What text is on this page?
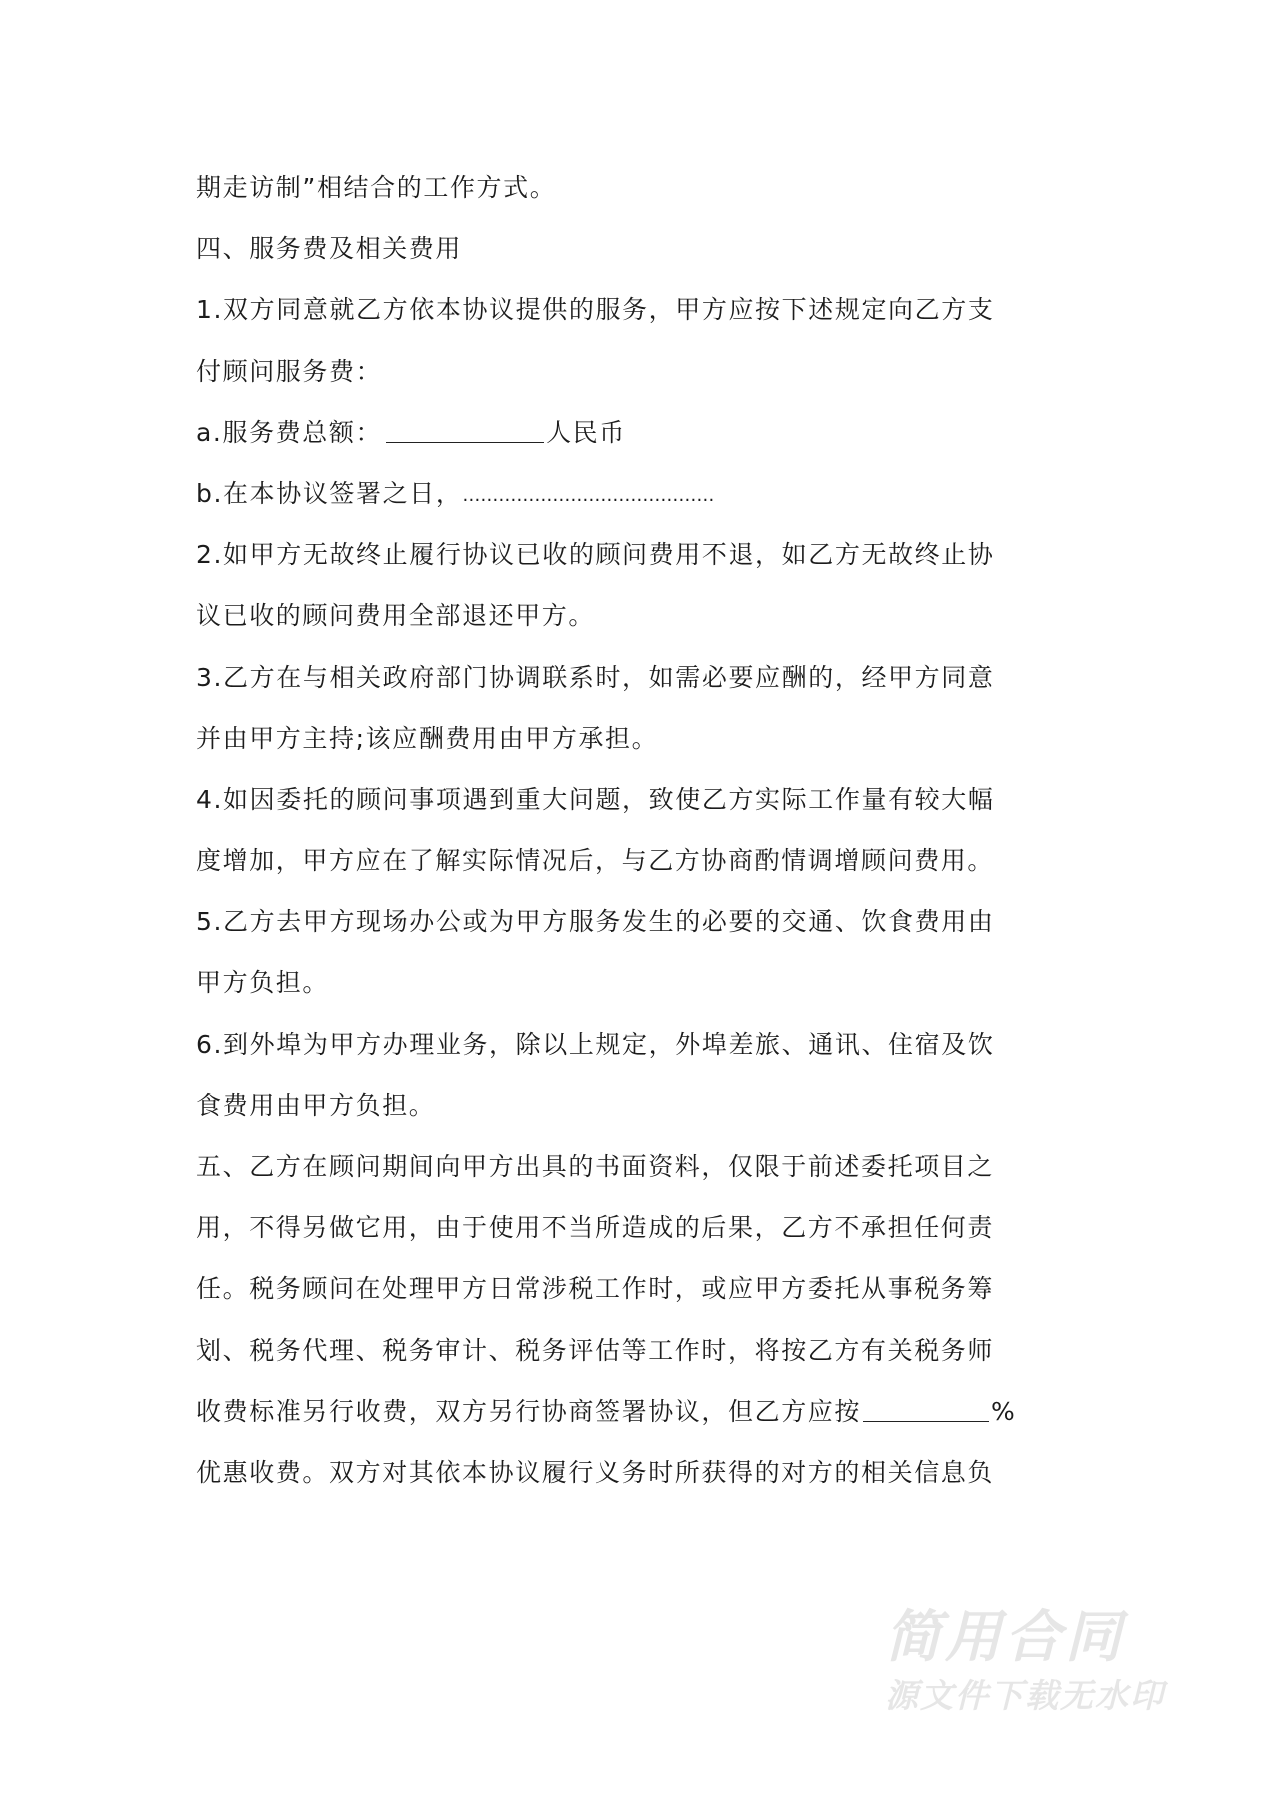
期走访制”相结合的工作方式。
四、服务费及相关费用
1.双方同意就乙方依本协议提供的服务，甲方应按下述规定向乙方支
付顾问服务费：
a.服务费总额：	人民币
b.在本协议签署之日，……………………………………
2.如甲方无故终止履行协议已收的顾问费用不退，如乙方无故终止协
议已收的顾问费用全部退还甲方。
3.乙方在与相关政府部门协调联系时，如需必要应酬的，经甲方同意
并由甲方主持;该应酬费用由甲方承担。
4.如因委托的顾问事项遇到重大问题，致使乙方实际工作量有较大幅
度增加，甲方应在了解实际情况后，与乙方协商酌情调增顾问费用。
5.乙方去甲方现场办公或为甲方服务发生的必要的交通、饮食费用由
甲方负担。
6.到外埠为甲方办理业务，除以上规定，外埠差旅、通讯、住宿及饮
食费用由甲方负担。
五、乙方在顾问期间向甲方出具的书面资料，仅限于前述委托项目之
用，不得另做它用，由于使用不当所造成的后果，乙方不承担任何责
任。税务顾问在处理甲方日常涉税工作时，或应甲方委托从事税务筹
划、税务代理、税务审计、税务评估等工作时，将按乙方有关税务师
收费标准另行收费，双方另行协商签署协议，但乙方应按	%
优惠收费。双方对其依本协议履行义务时所获得的对方的相关信息负
简用合同
源文件下载无水印
